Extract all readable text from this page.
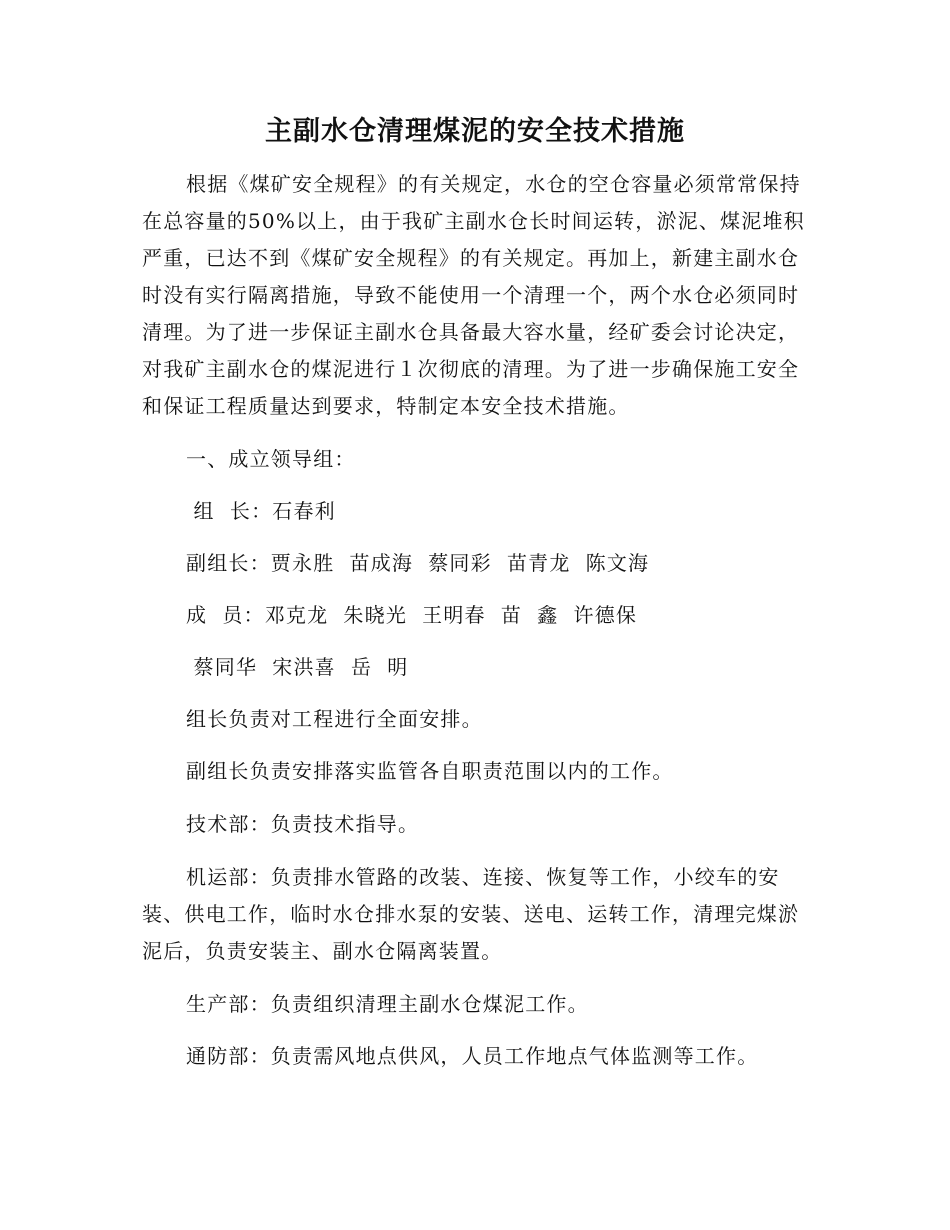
主副水仓清理煤泥的安全技术措施

根据《煤矿安全规程》的有关规定，水仓的空仓容量必须常常保持在总容量的50%以上，由于我矿主副水仓长时间运转，淤泥、煤泥堆积严重，已达不到《煤矿安全规程》的有关规定。再加上，新建主副水仓时没有实行隔离措施，导致不能使用一个清理一个，两个水仓必须同时清理。为了进一步保证主副水仓具备最大容水量，经矿委会讨论决定，对我矿主副水仓的煤泥进行１次彻底的清理。为了进一步确保施工安全和保证工程质量达到要求，特制定本安全技术措施。

一、成立领导组：

组  长：石春利

副组长：贾永胜  苗成海  蔡同彩  苗青龙  陈文海

成  员：邓克龙  朱晓光  王明春  苗  鑫  许德保

蔡同华  宋洪喜  岳  明

组长负责对工程进行全面安排。

副组长负责安排落实监管各自职责范围以内的工作。

技术部：负责技术指导。

机运部：负责排水管路的改装、连接、恢复等工作，小绞车的安装、供电工作，临时水仓排水泵的安装、送电、运转工作，清理完煤淤泥后，负责安装主、副水仓隔离装置。

生产部：负责组织清理主副水仓煤泥工作。

通防部：负责需风地点供风，人员工作地点气体监测等工作。
